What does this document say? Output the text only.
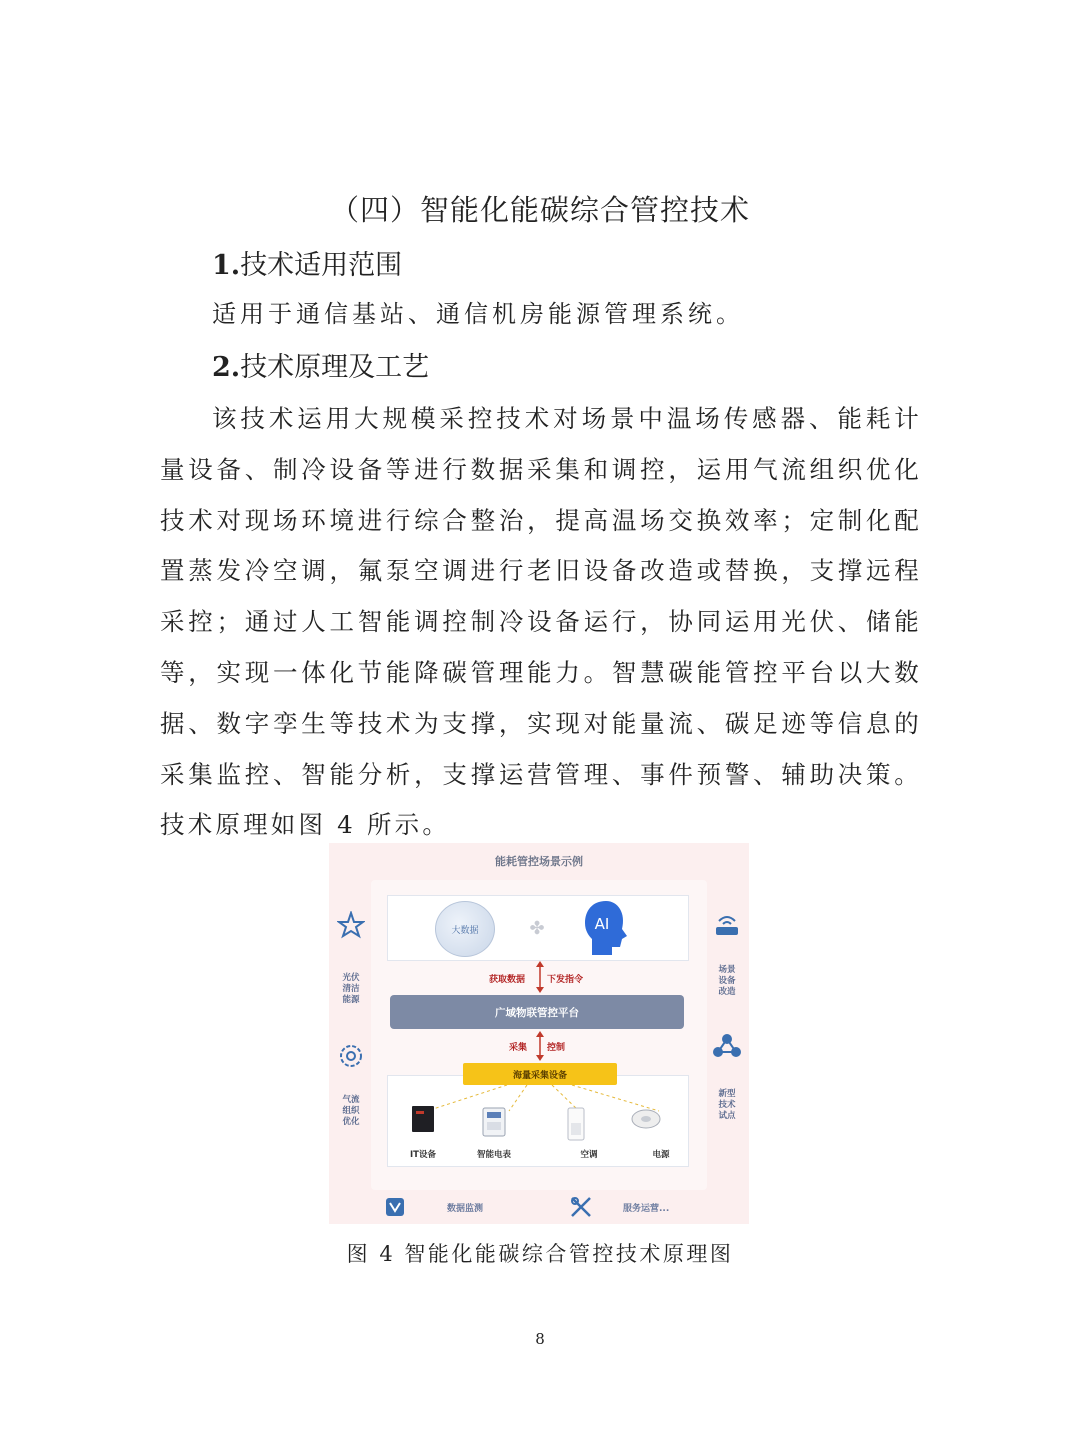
（四）智能化能碳综合管控技术
1.技术适用范围
适用于通信基站、通信机房能源管理系统。
2.技术原理及工艺

该技术运用大规模采控技术对场景中温场传感器、能耗计量设备、制冷设备等进行数据采集和调控，运用气流组织优化技术对现场环境进行综合整治，提高温场交换效率；定制化配置蒸发冷空调，氟泵空调进行老旧设备改造或替换，支撑远程采控；通过人工智能调控制冷设备运行，协同运用光伏、储能等，实现一体化节能降碳管理能力。智慧碳能管控平台以大数据、数字孪生等技术为支撑，实现对能量流、碳足迹等信息的采集监控、智能分析，支撑运营管理、事件预警、辅助决策。技术原理如图 4 所示。

能耗管控场景示例
大数据	✤	AI
获取数据 下发指令
广域物联管控平台
采集 控制
海量采集设备
IT设备	智能电表	空调	电源
光伏
清洁
能源
气流
组织
优化
场景
设备
改造
新型
技术
试点
数据监测	服务运营...
图 4 智能化能碳综合管控技术原理图
8
